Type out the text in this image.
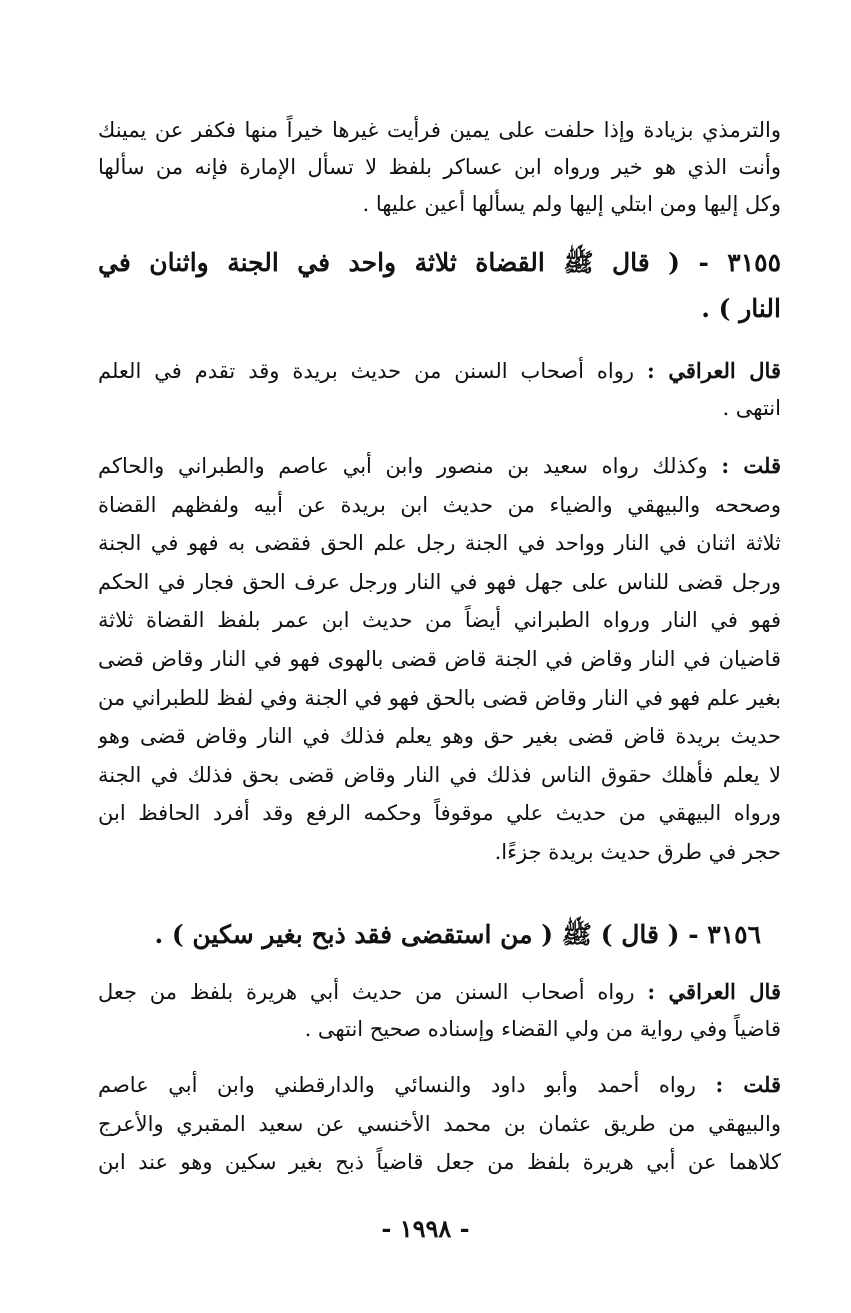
والترمذي بزيادة وإذا حلفت على يمين فرأيت غيرها خيراً منها فكفر عن يمينك
وأنت الذي هو خير ورواه ابن عساكر بلفظ لا تسأل الإمارة فإنه من سألها
وكل إليها ومن ابتلي إليها ولم يسألها أعين عليها .
٣١٥٥ - ( قال ﷺ القضاة ثلاثة واحد في الجنة واثنان في
النار ) .
قال العراقي : رواه أصحاب السنن من حديث بريدة وقد تقدم في العلم
انتهى .
قلت : وكذلك رواه سعيد بن منصور وابن أبي عاصم والطبراني والحاكم
وصححه والبيهقي والضياء من حديث ابن بريدة عن أبيه ولفظهم القضاة
ثلاثة اثنان في النار وواحد في الجنة رجل علم الحق فقضى به فهو في الجنة
ورجل قضى للناس على جهل فهو في النار ورجل عرف الحق فجار في الحكم
فهو في النار ورواه الطبراني أيضاً من حديث ابن عمر بلفظ القضاة ثلاثة
قاضيان في النار وقاض في الجنة قاض قضى بالهوى فهو في النار وقاض قضى
بغير علم فهو في النار وقاض قضى بالحق فهو في الجنة وفي لفظ للطبراني من
حديث بريدة قاض قضى بغير حق وهو يعلم فذلك في النار وقاض قضى وهو
لا يعلم فأهلك حقوق الناس فذلك في النار وقاض قضى بحق فذلك في الجنة
ورواه البيهقي من حديث علي موقوفاً وحكمه الرفع وقد أفرد الحافظ ابن
حجر في طرق حديث بريدة جزءًا.
٣١٥٦ - ( قال ) ﷺ ( من استقضى فقد ذبح بغير سكين ) .
قال العراقي : رواه أصحاب السنن من حديث أبي هريرة بلفظ من جعل
قاضياً وفي رواية من ولي القضاء وإسناده صحيح انتهى .
قلت : رواه أحمد وأبو داود والنسائي والدارقطني وابن أبي عاصم
والبيهقي من طريق عثمان بن محمد الأخنسي عن سعيد المقبري والأعرج
كلاهما عن أبي هريرة بلفظ من جعل قاضياً ذبح بغير سكين وهو عند ابن
- ١٩٩٨ -
